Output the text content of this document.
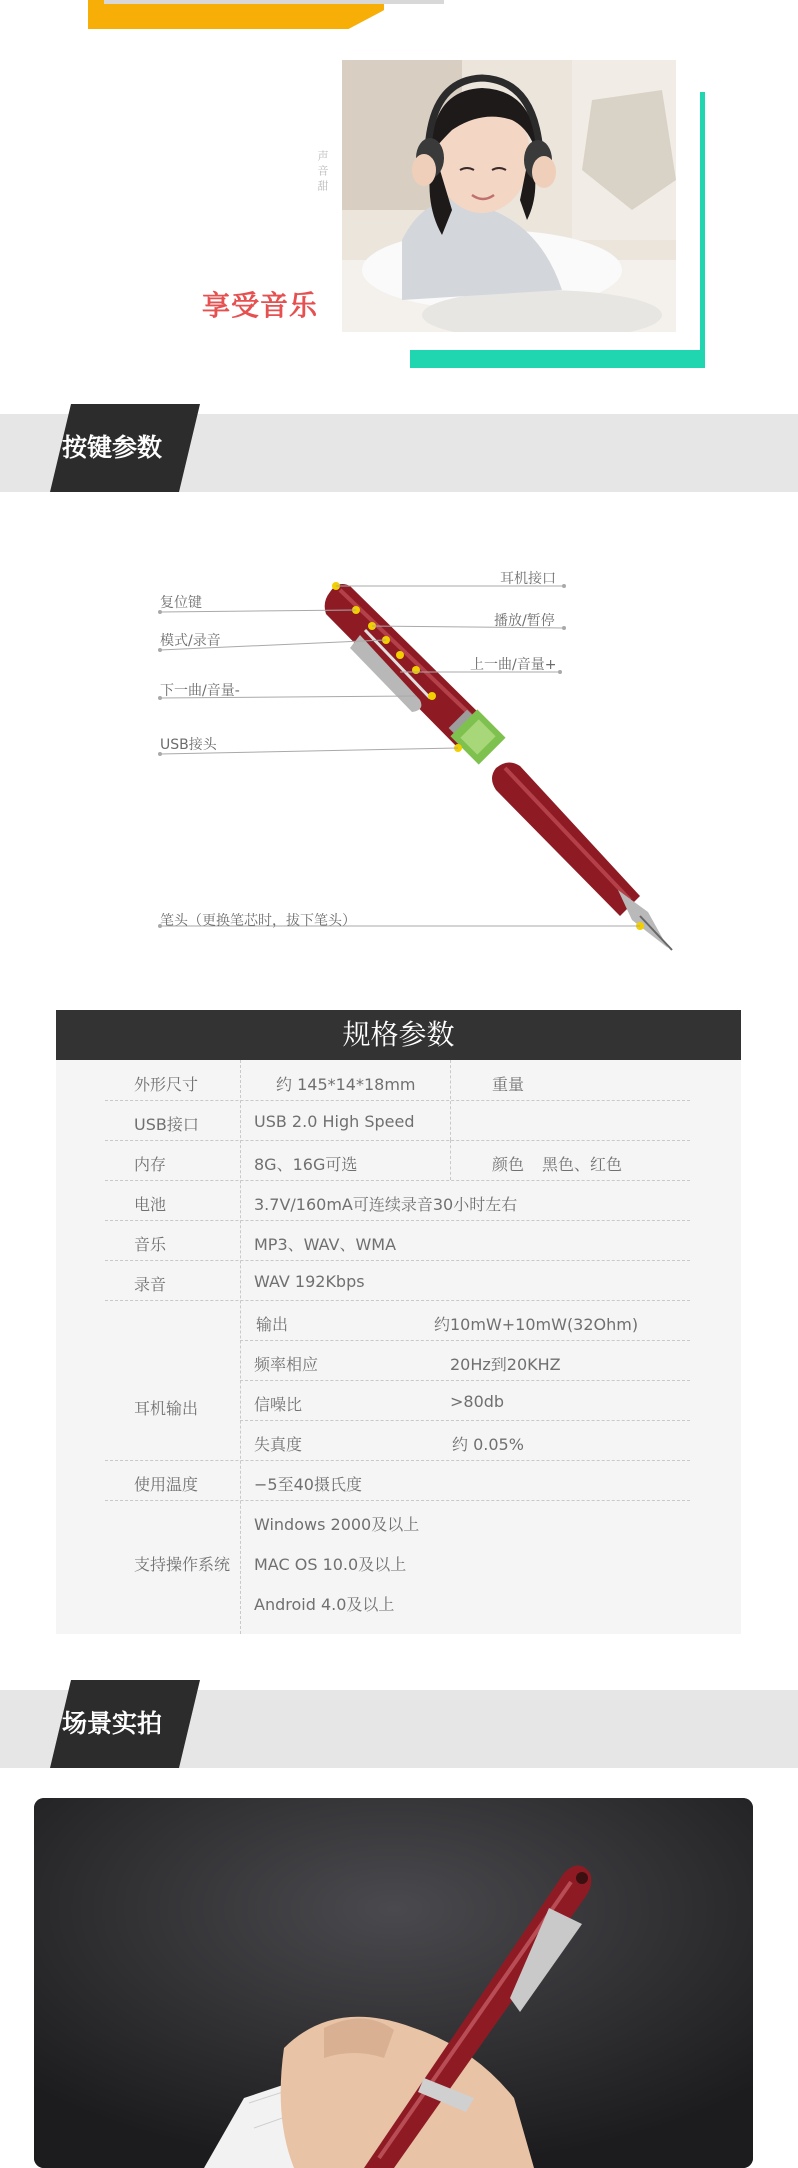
声音甜
享受音乐
按键参数
复位键
模式/录音
下一曲/音量-
USB接头
笔头（更换笔芯时，拔下笔头）
耳机接口
播放/暂停
上一曲/音量+
规格参数
外形尺寸	约 145*14*18mm	重量
USB接口	USB 2.0 High Speed
内存	8G、16G可选	颜色 黑色、红色
电池	3.7V/160mA可连续录音30小时左右
音乐	MP3、WAV、WMA
录音	WAV 192Kbps
耳机输出
输出	约10mW+10mW(32Ohm)
频率相应	20Hz到20KHZ
信噪比	>80db
失真度	约 0.05%
使用温度	−5至40摄氏度
支持操作系统
Windows 2000及以上
MAC OS 10.0及以上
Android 4.0及以上
场景实拍
